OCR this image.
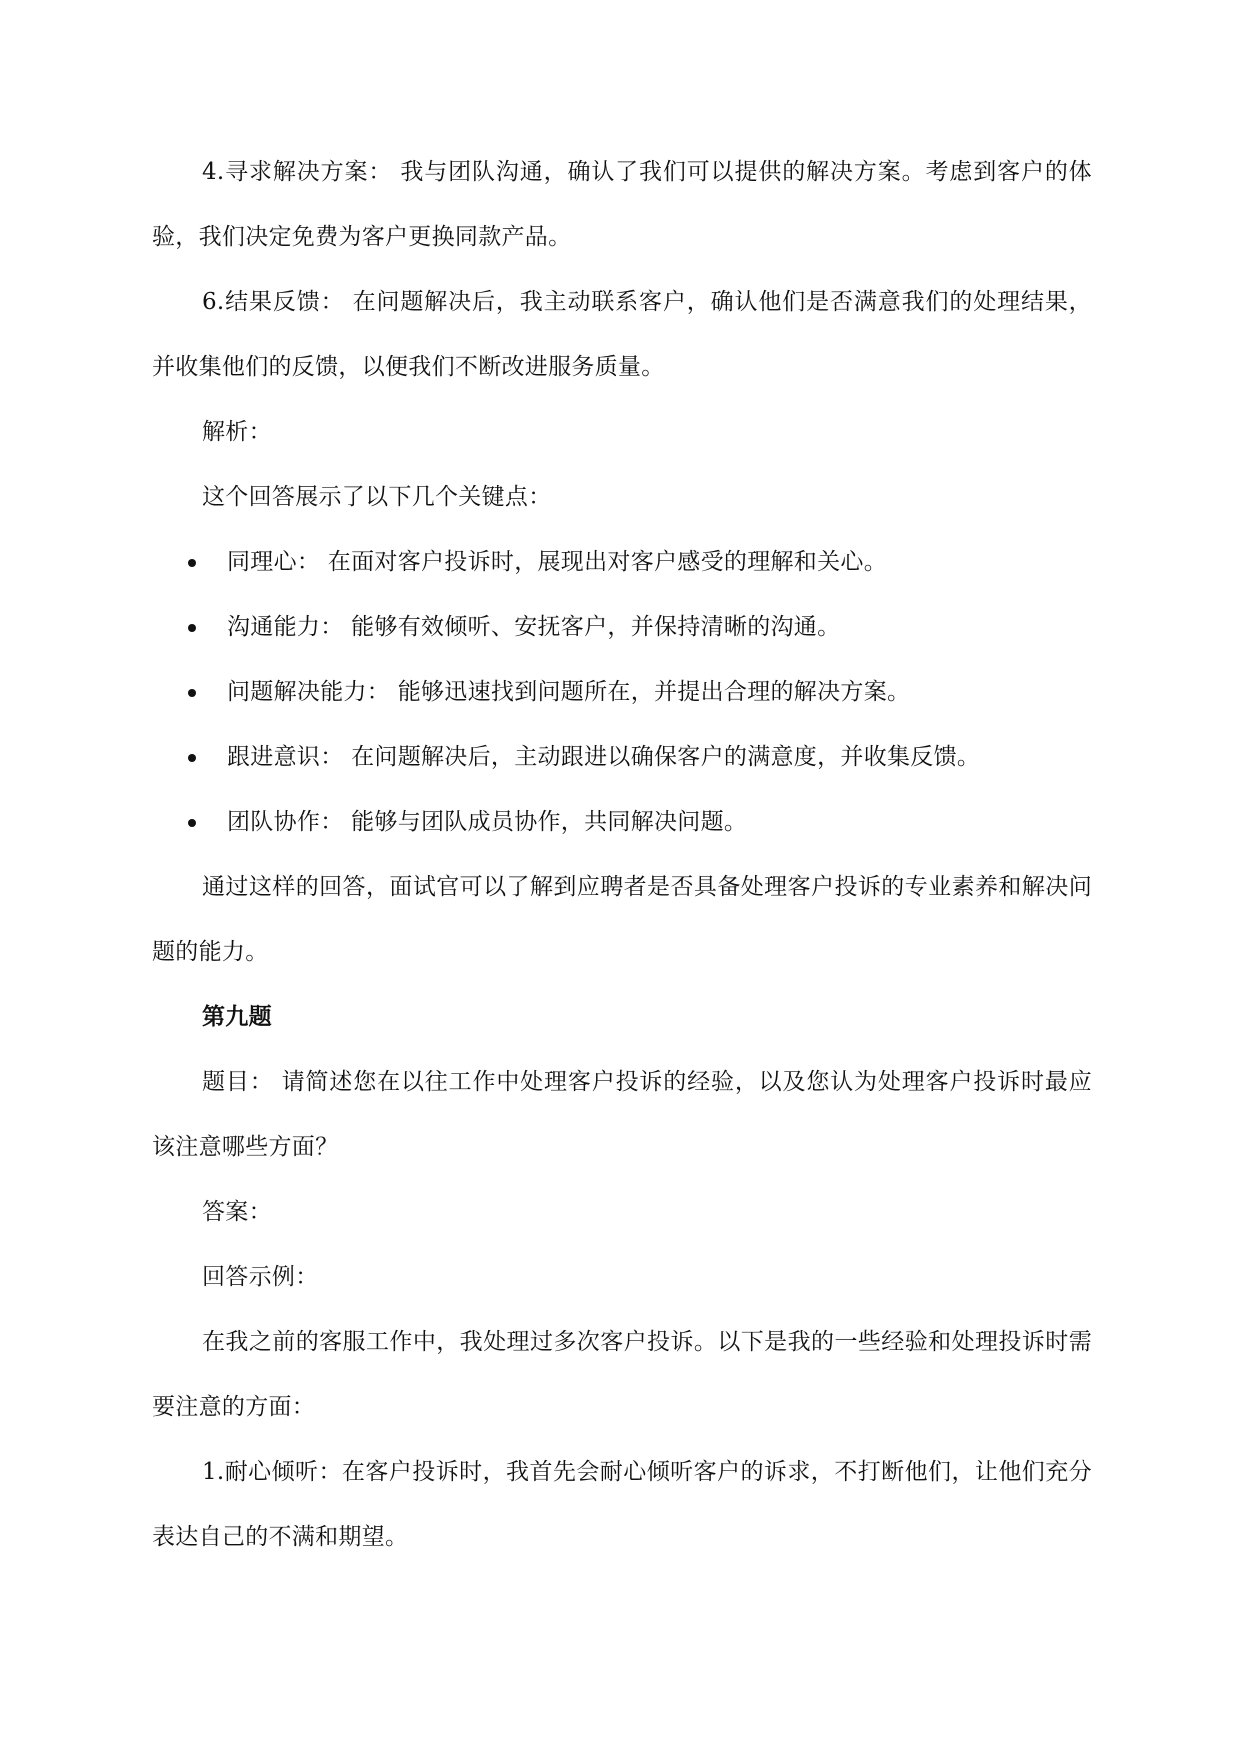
4.寻求解决方案： 我与团队沟通，确认了我们可以提供的解决方案。考虑到客户的体验，我们决定免费为客户更换同款产品。

6.结果反馈： 在问题解决后，我主动联系客户，确认他们是否满意我们的处理结果，并收集他们的反馈，以便我们不断改进服务质量。

解析：

这个回答展示了以下几个关键点：

同理心： 在面对客户投诉时，展现出对客户感受的理解和关心。
沟通能力： 能够有效倾听、安抚客户，并保持清晰的沟通。
问题解决能力： 能够迅速找到问题所在，并提出合理的解决方案。
跟进意识： 在问题解决后，主动跟进以确保客户的满意度，并收集反馈。
团队协作： 能够与团队成员协作，共同解决问题。

通过这样的回答，面试官可以了解到应聘者是否具备处理客户投诉的专业素养和解决问题的能力。

第九题

题目： 请简述您在以往工作中处理客户投诉的经验，以及您认为处理客户投诉时最应该注意哪些方面？

答案：

回答示例：

在我之前的客服工作中，我处理过多次客户投诉。以下是我的一些经验和处理投诉时需要注意的方面：

1.耐心倾听：在客户投诉时，我首先会耐心倾听客户的诉求，不打断他们，让他们充分表达自己的不满和期望。
